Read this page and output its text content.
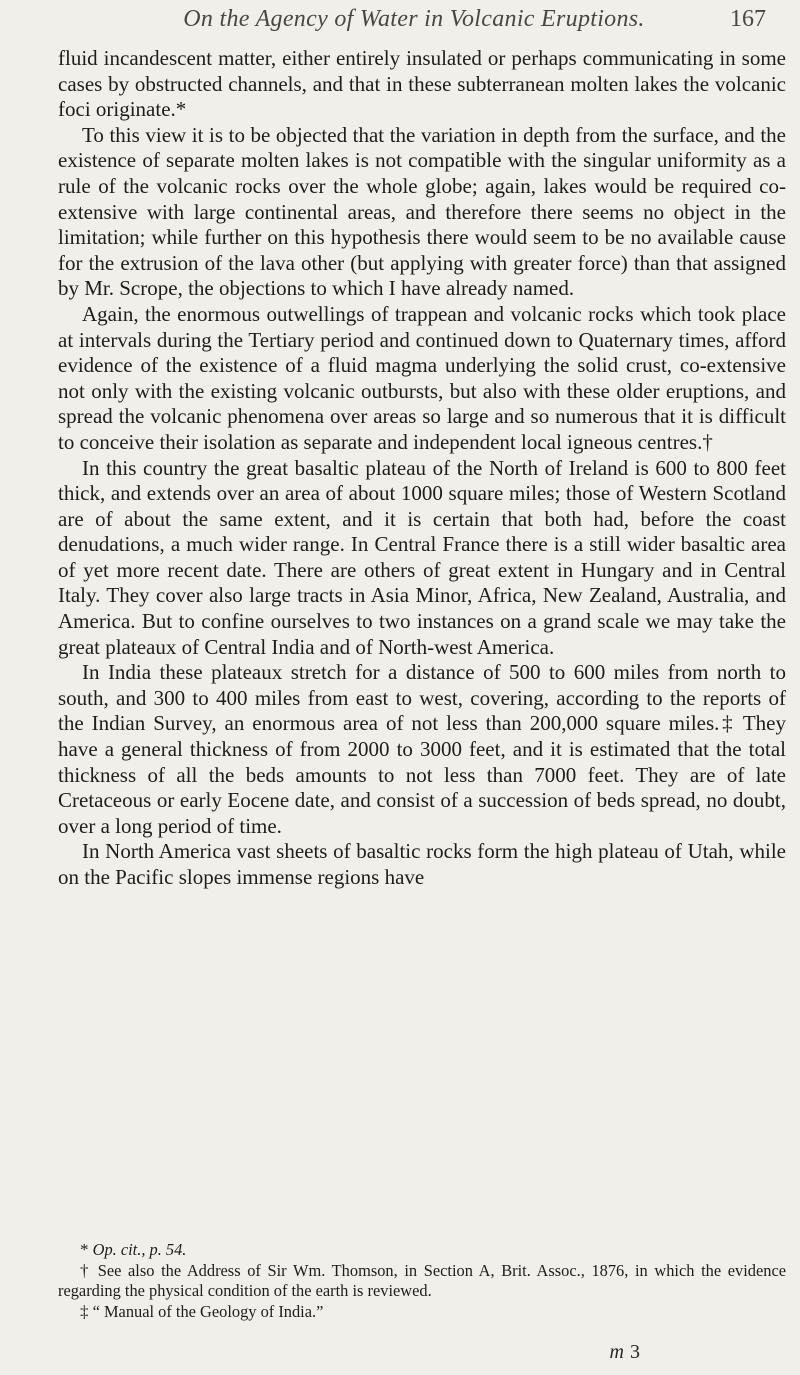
On the Agency of Water in Volcanic Eruptions.	167

fluid incandescent matter, either entirely insulated or perhaps communicating in some cases by obstructed channels, and that in these subterranean molten lakes the volcanic foci originate.*

To this view it is to be objected that the variation in depth from the surface, and the existence of separate molten lakes is not compatible with the singular uniformity as a rule of the volcanic rocks over the whole globe; again, lakes would be required co-extensive with large continental areas, and therefore there seems no object in the limitation; while further on this hypothesis there would seem to be no available cause for the extrusion of the lava other (but applying with greater force) than that assigned by Mr. Scrope, the objections to which I have already named.

Again, the enormous outwellings of trappean and volcanic rocks which took place at intervals during the Tertiary period and continued down to Quaternary times, afford evidence of the existence of a fluid magma underlying the solid crust, co-extensive not only with the existing volcanic outbursts, but also with these older eruptions, and spread the volcanic phenomena over areas so large and so numerous that it is difficult to conceive their isolation as separate and independent local igneous centres.†

In this country the great basaltic plateau of the North of Ireland is 600 to 800 feet thick, and extends over an area of about 1000 square miles; those of Western Scotland are of about the same extent, and it is certain that both had, before the coast denudations, a much wider range. In Central France there is a still wider basaltic area of yet more recent date. There are others of great extent in Hungary and in Central Italy. They cover also large tracts in Asia Minor, Africa, New Zealand, Australia, and America. But to confine ourselves to two instances on a grand scale we may take the great plateaux of Central India and of North-west America.

In India these plateaux stretch for a distance of 500 to 600 miles from north to south, and 300 to 400 miles from east to west, covering, according to the reports of the Indian Survey, an enormous area of not less than 200,000 square miles.‡ They have a general thickness of from 2000 to 3000 feet, and it is estimated that the total thickness of all the beds amounts to not less than 7000 feet. They are of late Cretaceous or early Eocene date, and consist of a succession of beds spread, no doubt, over a long period of time.

In North America vast sheets of basaltic rocks form the high plateau of Utah, while on the Pacific slopes immense regions have

* Op. cit., p. 54.

† See also the Address of Sir Wm. Thomson, in Section A, Brit. Assoc., 1876, in which the evidence regarding the physical condition of the earth is reviewed.

‡ “ Manual of the Geology of India.”

m 3
